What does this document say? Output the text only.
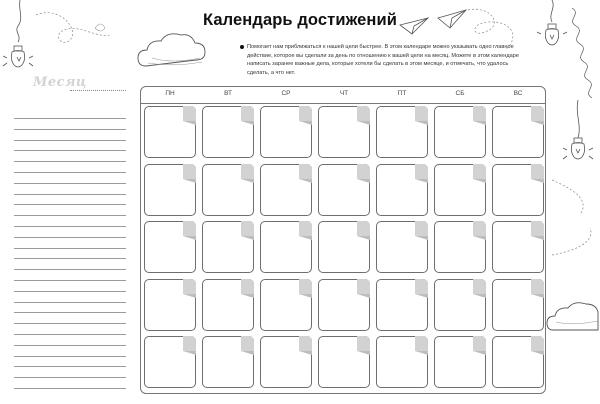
Календарь достижений
Помогает нам приближаться к нашей цели быстрее. В этом календаре можно указывать одно главное действие, которое вы сделали за день по отношению к вашей цели на месяц. Можете в этом календаре написать заранее важные дела, которые хотели бы сделать в этом месяце, и отмечать, что удалось сделать, а что нет.
Месяц
ПН	ВТ	СР	ЧТ	ПТ	СБ	ВС
